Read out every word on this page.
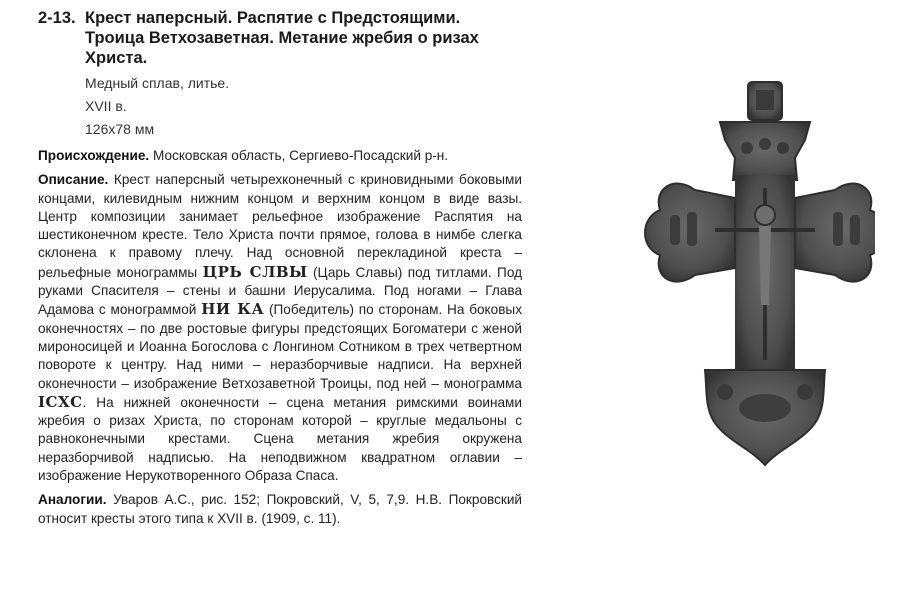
2-13. Крест наперсный. Распятие с Предстоящими. Троица Ветхозаветная. Метание жребия о ризах Христа.
Медный сплав, литье.
XVII в.
126x78 мм
Происхождение. Московская область, Сергиево-Посадский р-н.
Описание. Крест наперсный четырехконечный с криновидными боковыми концами, килевидным нижним концом и верхним концом в виде вазы. Центр композиции занимает рельефное изображение Распятия на шестиконечном кресте. Тело Христа почти прямое, голова в нимбе слегка склонена к правому плечу. Над основной перекладиной креста – рельефные монограммы ЦРЬ СЛВЫ (Царь Славы) под титлами. Под руками Спасителя – стены и башни Иерусалима. Под ногами – Глава Адамова с монограммой НИ КА (Победитель) по сторонам. На боковых оконечностях – по две ростовые фигуры предстоящих Богоматери с женой мироносицей и Иоанна Богослова с Лонгином Сотником в трех четвертном повороте к центру. Над ними – неразборчивые надписи. На верхней оконечности – изображение Ветхозаветной Троицы, под ней – монограмма IСХС. На нижней оконечности – сцена метания римскими воинами жребия о ризах Христа, по сторонам которой – круглые медальоны с равноконечными крестами. Сцена метания жребия окружена неразборчивой надписью. На неподвижном квадратном оглавии – изображение Нерукотворенного Образа Спаса.
Аналогии. Уваров А.С., рис. 152; Покровский, V, 5, 7,9. Н.В. Покровский относит кресты этого типа к XVII в. (1909, с. 11).
